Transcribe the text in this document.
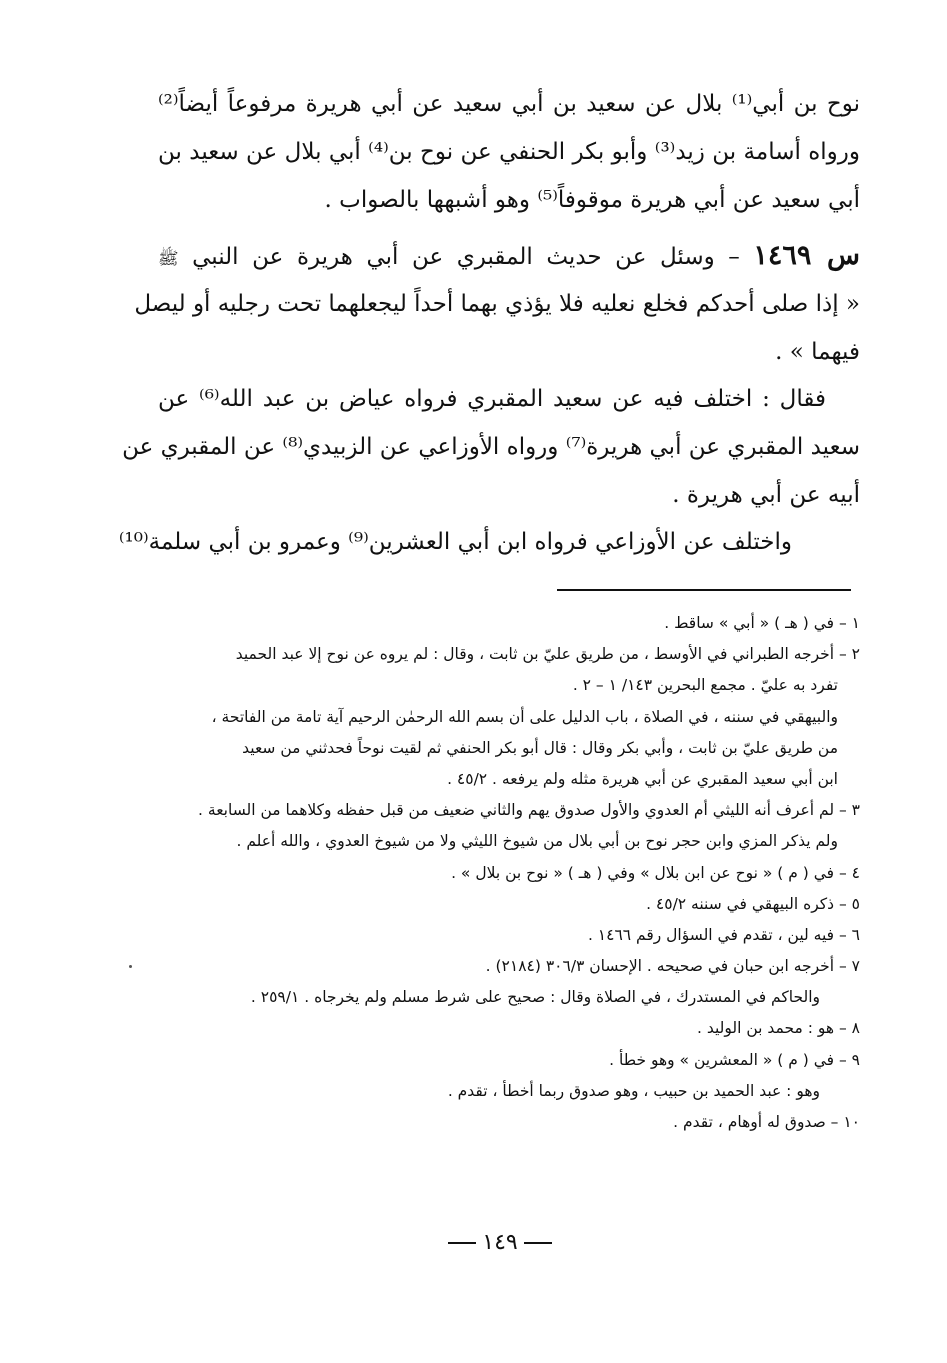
نوح بن أبي⁽¹⁾ بلال عن سعيد بن أبي سعيد عن أبي هريرة مرفوعاً أيضاً⁽²⁾
ورواه أسامة بن زيد⁽³⁾ وأبو بكر الحنفي عن نوح بن⁽⁴⁾ أبي بلال عن سعيد بن
أبي سعيد عن أبي هريرة موقوفاً⁽⁵⁾ وهو أشبهها بالصواب .
س ١٤٦٩ – وسئل عن حديث المقبري عن أبي هريرة عن النبي ﷺ
« إذا صلى أحدكم فخلع نعليه فلا يؤذي بهما أحداً ليجعلهما تحت رجليه أو ليصل
فيهما » .
فقال : اختلف فيه عن سعيد المقبري فرواه عياض بن عبد الله⁽⁶⁾ عن
سعيد المقبري عن أبي هريرة⁽⁷⁾ ورواه الأوزاعي عن الزبيدي⁽⁸⁾ عن المقبري عن
أبيه عن أبي هريرة .
واختلف عن الأوزاعي فرواه ابن أبي العشرين⁽⁹⁾ وعمرو بن أبي سلمة⁽¹⁰⁾
١ – في ( هـ ) « أبي » ساقط .
٢ – أخرجه الطبراني في الأوسط ، من طريق عليّ بن ثابت ، وقال : لم يروه عن نوح إلا عبد الحميد
تفرد به عليّ . مجمع البحرين ١٤٣/ ١ – ٢ .
والبيهقي في سننه ، في الصلاة ، باب الدليل على أن بسم الله الرحمٰن الرحيم آية تامة من الفاتحة ،
من طريق عليّ بن ثابت ، وأبي بكر وقال : قال أبو بكر الحنفي ثم لقيت نوحاً فحدثني من سعيد
ابن أبي سعيد المقبري عن أبي هريرة مثله ولم يرفعه . ٤٥/٢ .
٣ – لم أعرف أنه الليثي أم العدوي والأول صدوق يهم والثاني ضعيف من قبل حفظه وكلاهما من السابعة .
ولم يذكر المزي وابن حجر نوح بن أبي بلال من شيوخ الليثي ولا من شيوخ العدوي ، والله أعلم .
٤ – في ( م ) « نوح عن ابن بلال » وفي ( هـ ) « نوح بن بلال » .
٥ – ذكره البيهقي في سننه ٤٥/٢ .
٦ – فيه لين ، تقدم في السؤال رقم ١٤٦٦ .
٧ – أخرجه ابن حبان في صحيحه . الإحسان ٣٠٦/٣ (٢١٨٤) .
والحاكم في المستدرك ، في الصلاة وقال : صحيح على شرط مسلم ولم يخرجاه . ٢٥٩/١ .
٨ – هو : محمد بن الوليد .
٩ – في ( م ) « المعشرين » وهو خطأ .
وهو : عبد الحميد بن حبيب ، وهو صدوق ربما أخطأ ، تقدم .
١٠ – صدوق له أوهام ، تقدم .
١٤٩
